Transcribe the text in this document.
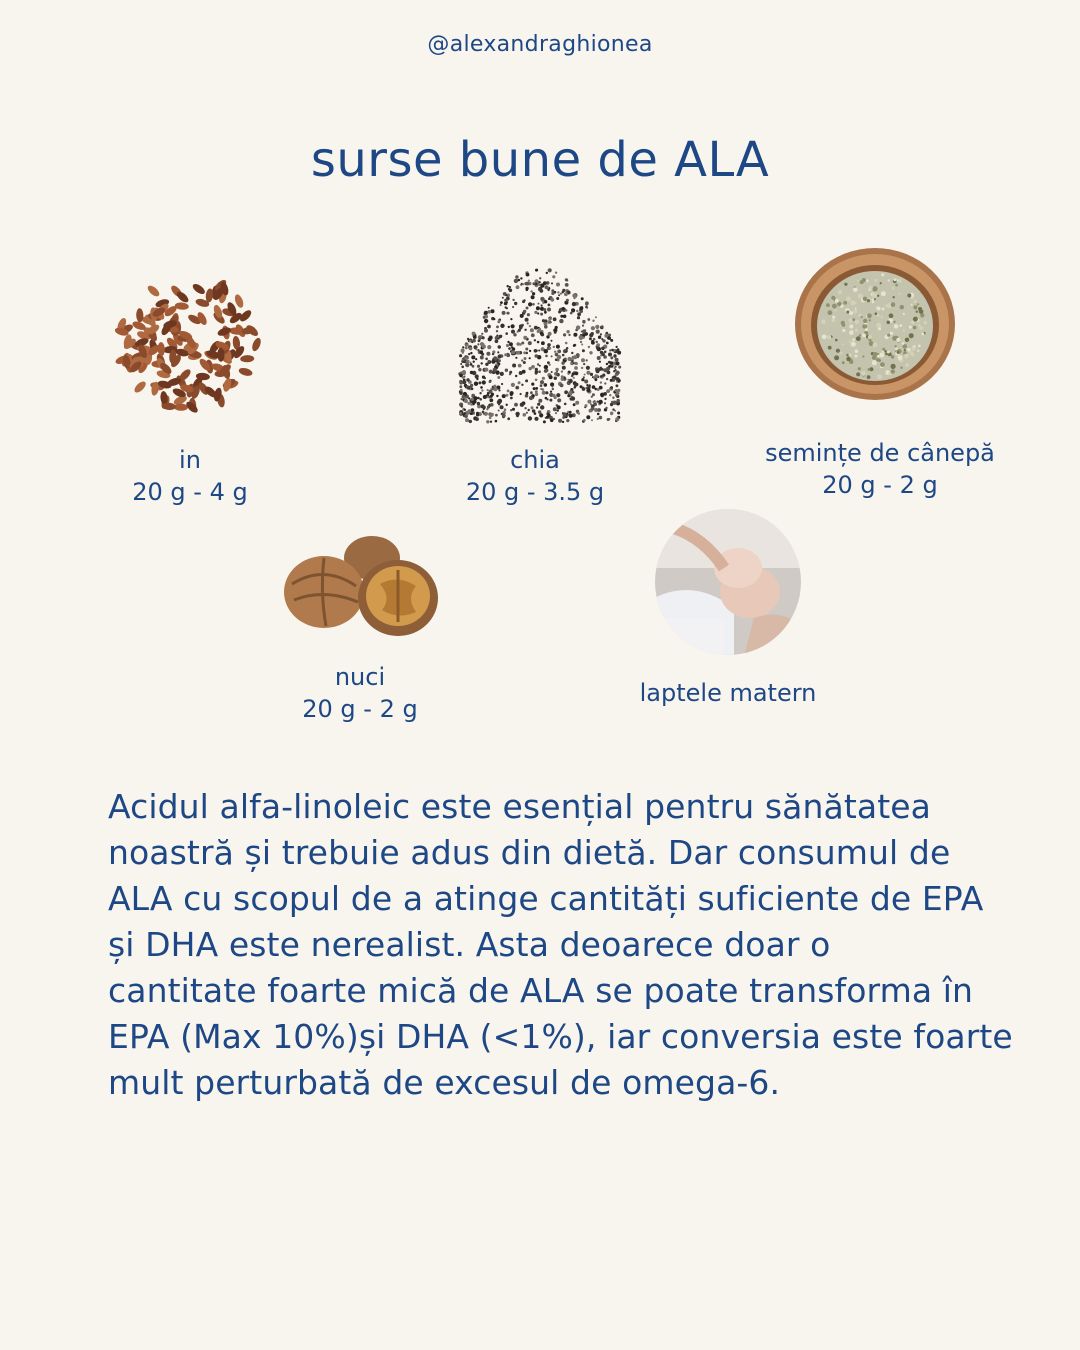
@alexandraghionea
surse bune de ALA
in
20 g - 4 g
chia
20 g - 3.5 g
semințe de cânepă
20 g - 2 g
nuci
20 g - 2 g
laptele matern
Acidul alfa-linoleic este esențial pentru sănătatea
noastră și trebuie adus din dietă. Dar consumul de
ALA cu scopul de a atinge cantități suficiente de EPA
și DHA este nerealist. Asta deoarece doar o
cantitate foarte mică de ALA se poate transforma în
EPA (Max 10%)și DHA (<1%), iar conversia este foarte
mult perturbată de excesul de omega-6.
